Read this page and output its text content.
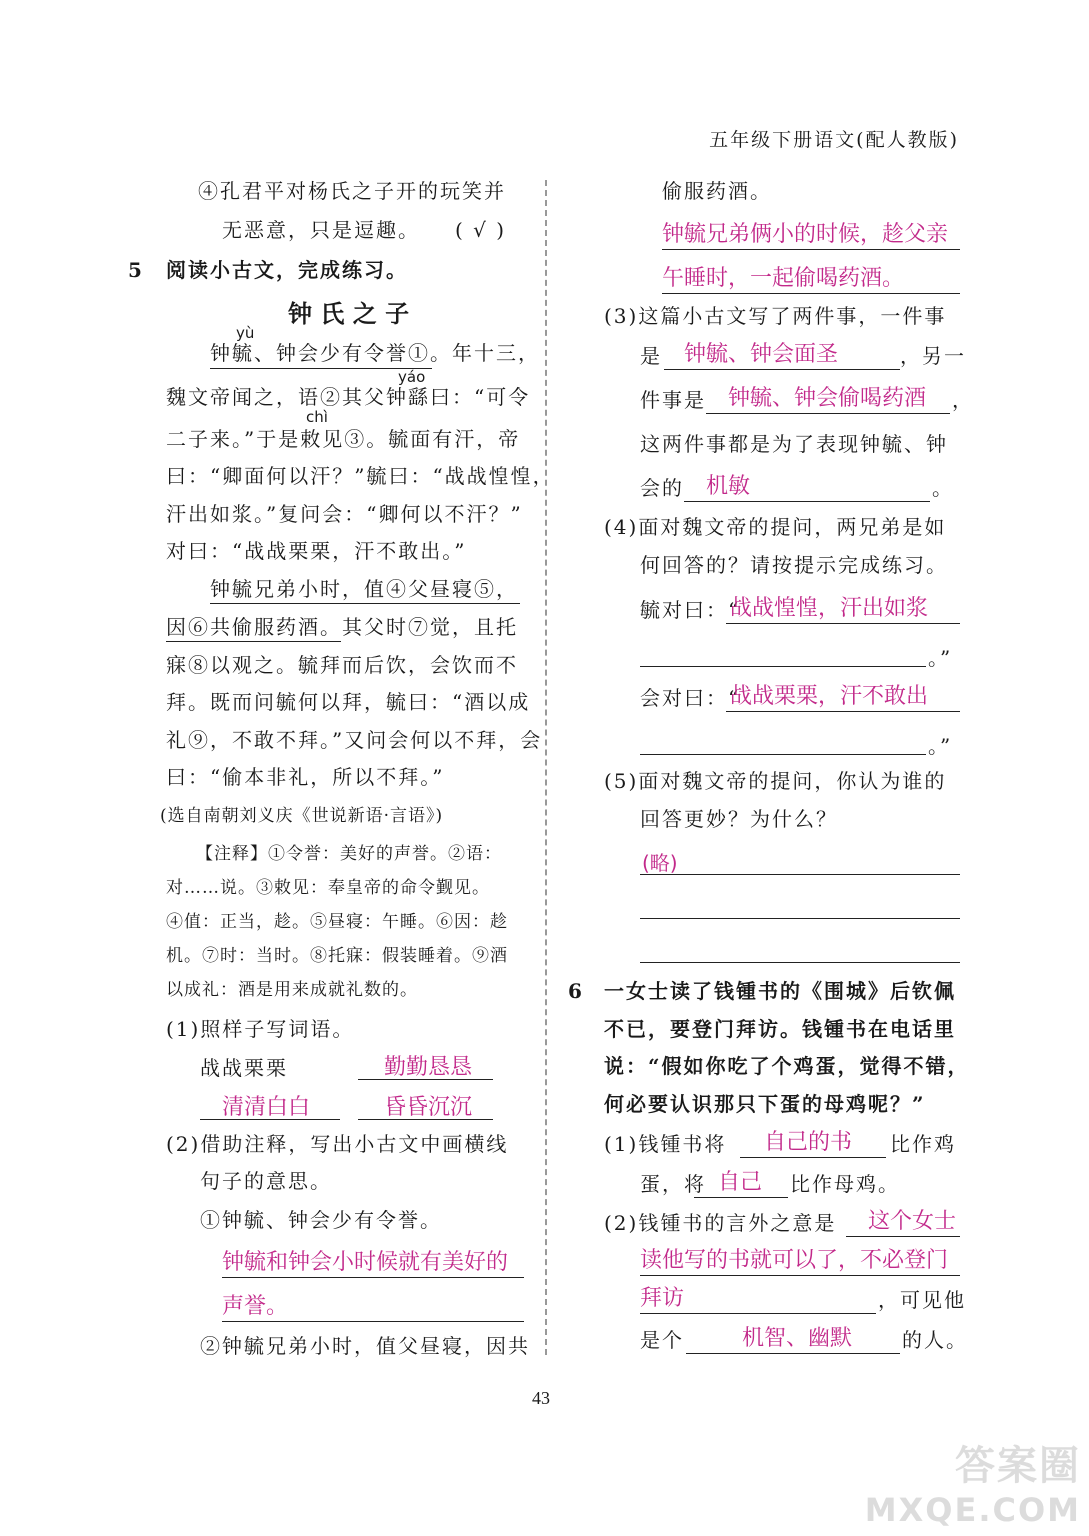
五年级下册语文(配人教版)
④孔君平对杨氏之子开的玩笑并
无恶意，只是逗趣。 ( √ )
5 阅读小古文，完成练习。
钟 氏 之 子
yù
钟毓、钟会少有令誉①。年十三，
yáo
魏文帝闻之，语②其父钟繇曰：“可令
chì
二子来。”于是敕见③。毓面有汗，帝
曰：“卿面何以汗？”毓曰：“战战惶惶，
汗出如浆。”复问会：“卿何以不汗？”
对曰：“战战栗栗，汗不敢出。”
钟毓兄弟小时，值④父昼寝⑤，
因⑥共偷服药酒。其父时⑦觉，且托
寐⑧以观之。毓拜而后饮，会饮而不
拜。既而问毓何以拜，毓曰：“酒以成
礼⑨，不敢不拜。”又问会何以不拜，会
曰：“偷本非礼，所以不拜。”
(选自南朝刘义庆《世说新语·言语》)
【注释】①令誉：美好的声誉。②语：
对……说。③敕见：奉皇帝的命令觐见。
④值：正当，趁。⑤昼寝：午睡。⑥因：趁
机。⑦时：当时。⑧托寐：假装睡着。⑨酒
以成礼：酒是用来成就礼数的。
(1)照样子写词语。
战战栗栗	勤勤恳恳
清清白白	昏昏沉沉
(2)借助注释，写出小古文中画横线
句子的意思。
①钟毓、钟会少有令誉。
钟毓和钟会小时候就有美好的
声誉。
②钟毓兄弟小时，值父昼寝，因共
偷服药酒。
钟毓兄弟俩小的时候，趁父亲
午睡时，一起偷喝药酒。
(3)这篇小古文写了两件事，一件事
是 钟毓、钟会面圣	，另一
件事是 钟毓、钟会偷喝药酒 ，
这两件事都是为了表现钟毓、钟
会的 机敏	。
(4)面对魏文帝的提问，两兄弟是如
何回答的？请按提示完成练习。
毓对曰：“
战战惶惶，汗出如浆
。”
会对曰：“
战战栗栗，汗不敢出
。”
(5)面对魏文帝的提问，你认为谁的
回答更妙？为什么？
(略)
6 一女士读了钱锺书的《围城》后钦佩
不已，要登门拜访。钱锺书在电话里
说：“假如你吃了个鸡蛋，觉得不错，
何必要认识那只下蛋的母鸡呢？”
(1)钱锺书将 自己的书 比作鸡
蛋，将 自己 比作母鸡。
(2)钱锺书的言外之意是 这个女士
读他写的书就可以了，不必登门
拜访	，可见他
是个	机智、幽默 的人。
43
答案圈
MXQE.COM
